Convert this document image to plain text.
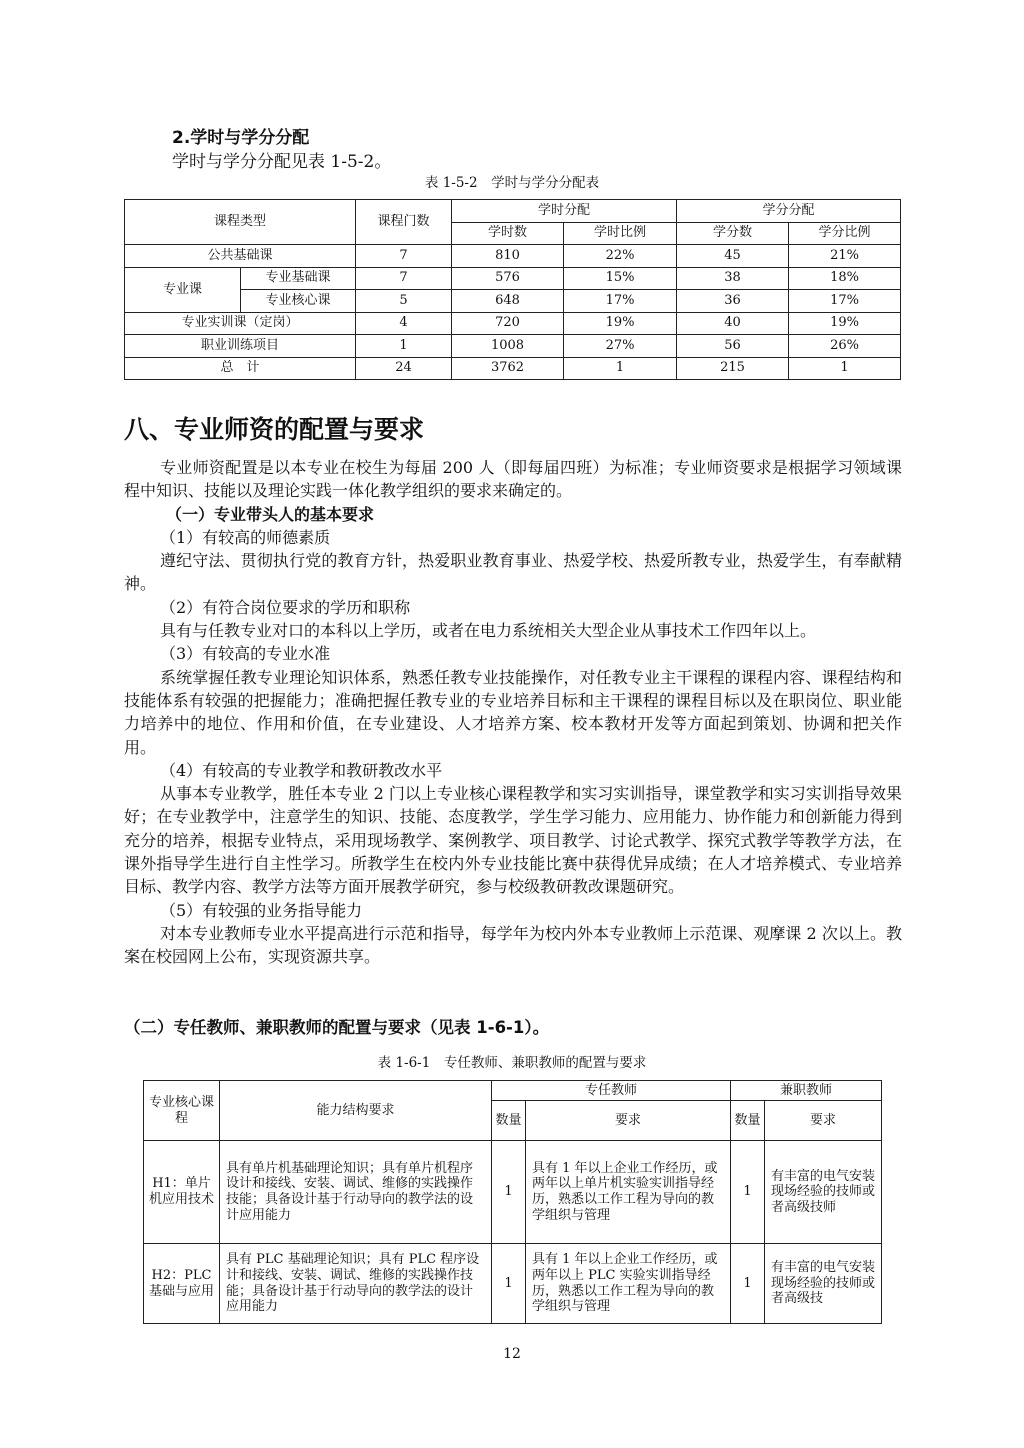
2.学时与学分分配
学时与学分分配见表 1-5-2。
表 1-5-2　学时与学分分配表
课程类型		课程门数	学时分配		学分分配	
			学时数	学时比例	学分数	学分比例
公共基础课		7	810	22%	45	21%
专业课	专业基础课	7	576	15%	38	18%
	专业核心课	5	648	17%	36	17%
专业实训课（定岗）		4	720	19%	40	19%
职业训练项目		1	1008	27%	56	26%
总　计		24	3762	1	215	1
八、专业师资的配置与要求

专业师资配置是以本专业在校生为每届 200 人（即每届四班）为标准；专业师资要求是根据学习领域课程中知识、技能以及理论实践一体化教学组织的要求来确定的。

（一）专业带头人的基本要求

（1）有较高的师德素质

遵纪守法、贯彻执行党的教育方针，热爱职业教育事业、热爱学校、热爱所教专业，热爱学生，有奉献精神。

（2）有符合岗位要求的学历和职称

具有与任教专业对口的本科以上学历，或者在电力系统相关大型企业从事技术工作四年以上。

（3）有较高的专业水准

系统掌握任教专业理论知识体系，熟悉任教专业技能操作，对任教专业主干课程的课程内容、课程结构和技能体系有较强的把握能力；准确把握任教专业的专业培养目标和主干课程的课程目标以及在职岗位、职业能力培养中的地位、作用和价值，在专业建设、人才培养方案、校本教材开发等方面起到策划、协调和把关作用。

（4）有较高的专业教学和教研教改水平

从事本专业教学，胜任本专业 2 门以上专业核心课程教学和实习实训指导，课堂教学和实习实训指导效果好；在专业教学中，注意学生的知识、技能、态度教学，学生学习能力、应用能力、协作能力和创新能力得到充分的培养，根据专业特点，采用现场教学、案例教学、项目教学、讨论式教学、探究式教学等教学方法，在课外指导学生进行自主性学习。所教学生在校内外专业技能比赛中获得优异成绩；在人才培养模式、专业培养目标、教学内容、教学方法等方面开展教学研究，参与校级教研教改课题研究。

（5）有较强的业务指导能力

对本专业教师专业水平提高进行示范和指导，每学年为校内外本专业教师上示范课、观摩课 2 次以上。教案在校园网上公布，实现资源共享。

（二）专任教师、兼职教师的配置与要求（见表 1-6-1）。
表 1-6-1　专任教师、兼职教师的配置与要求
专业核心课程	能力结构要求	专任教师		兼职教师	
		数量	要求	数量	要求
H1：单片机应用技术	具有单片机基础理论知识；具有单片机程序设计和接线、安装、调试、维修的实践操作技能；具备设计基于行动导向的教学法的设计应用能力	1	具有 1 年以上企业工作经历，或两年以上单片机实验实训指导经历，熟悉以工作工程为导向的教学组织与管理	1	有丰富的电气安装现场经验的技师或者高级技师
H2：PLC 基础与应用	具有 PLC 基础理论知识；具有 PLC 程序设计和接线、安装、调试、维修的实践操作技能；具备设计基于行动导向的教学法的设计应用能力	1	具有 1 年以上企业工作经历，或两年以上 PLC 实验实训指导经历，熟悉以工作工程为导向的教学组织与管理	1	有丰富的电气安装现场经验的技师或者高级技
12
